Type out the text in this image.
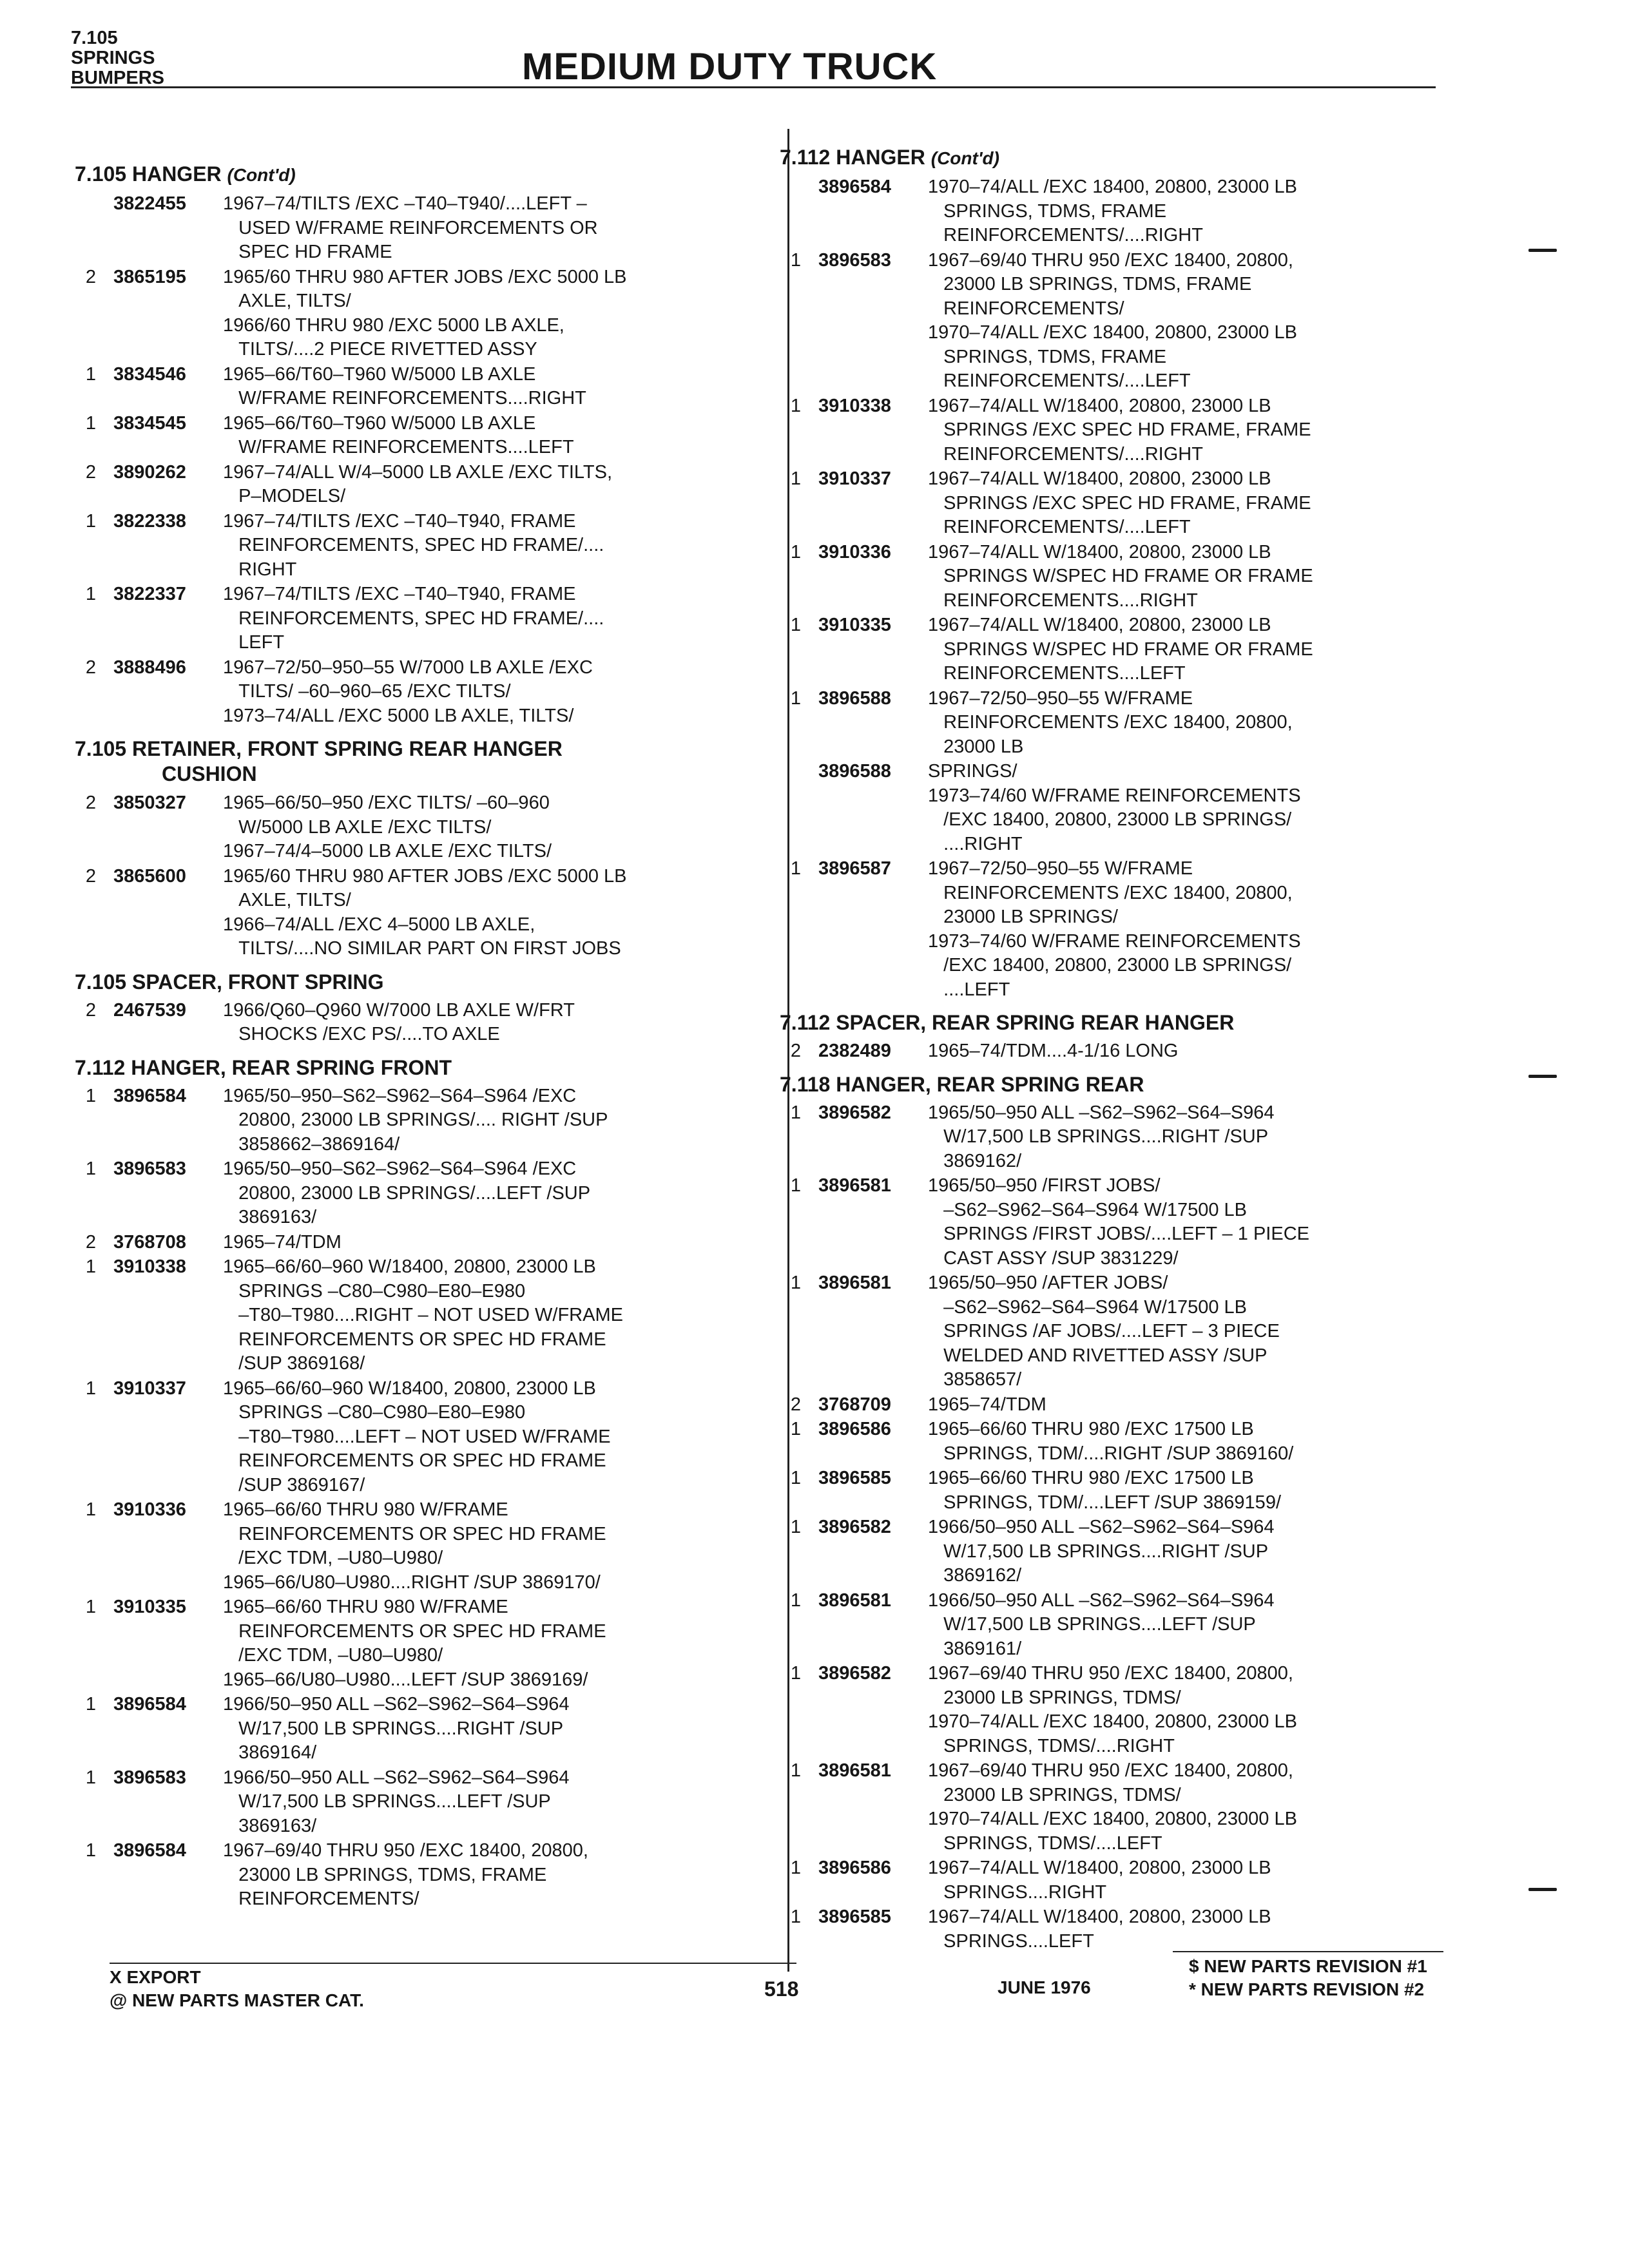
7.105
SPRINGS
BUMPERS	MEDIUM DUTY TRUCK
7.105 HANGER (Cont'd)
3822455	1967–74/TILTS /EXC –T40–T940/....LEFT –
USED W/FRAME REINFORCEMENTS OR
SPEC HD FRAME
2 3865195	1965/60 THRU 980 AFTER JOBS /EXC 5000 LB
AXLE, TILTS/
1966/60 THRU 980 /EXC 5000 LB AXLE,
TILTS/....2 PIECE RIVETTED ASSY
1 3834546	1965–66/T60–T960 W/5000 LB AXLE
W/FRAME REINFORCEMENTS....RIGHT
1 3834545	1965–66/T60–T960 W/5000 LB AXLE
W/FRAME REINFORCEMENTS....LEFT
2 3890262	1967–74/ALL W/4–5000 LB AXLE /EXC TILTS,
P–MODELS/
1 3822338	1967–74/TILTS /EXC –T40–T940, FRAME
REINFORCEMENTS, SPEC HD FRAME/....
RIGHT
1 3822337	1967–74/TILTS /EXC –T40–T940, FRAME
REINFORCEMENTS, SPEC HD FRAME/....
LEFT
2 3888496	1967–72/50–950–55 W/7000 LB AXLE /EXC
TILTS/ –60–960–65 /EXC TILTS/
1973–74/ALL /EXC 5000 LB AXLE, TILTS/
7.105 RETAINER, FRONT SPRING REAR HANGER
CUSHION
2 3850327	1965–66/50–950 /EXC TILTS/ –60–960
W/5000 LB AXLE /EXC TILTS/
1967–74/4–5000 LB AXLE /EXC TILTS/
2 3865600	1965/60 THRU 980 AFTER JOBS /EXC 5000 LB
AXLE, TILTS/
1966–74/ALL /EXC 4–5000 LB AXLE,
TILTS/....NO SIMILAR PART ON FIRST JOBS
7.105 SPACER, FRONT SPRING
2 2467539	1966/Q60–Q960 W/7000 LB AXLE W/FRT
SHOCKS /EXC PS/....TO AXLE
7.112 HANGER, REAR SPRING FRONT
1 3896584	1965/50–950–S62–S962–S64–S964 /EXC
20800, 23000 LB SPRINGS/.... RIGHT /SUP
3858662–3869164/
1 3896583	1965/50–950–S62–S962–S64–S964 /EXC
20800, 23000 LB SPRINGS/....LEFT /SUP
3869163/
2 3768708	1965–74/TDM
1 3910338	1965–66/60–960 W/18400, 20800, 23000 LB
SPRINGS –C80–C980–E80–E980
–T80–T980....RIGHT – NOT USED W/FRAME
REINFORCEMENTS OR SPEC HD FRAME
/SUP 3869168/
1 3910337	1965–66/60–960 W/18400, 20800, 23000 LB
SPRINGS –C80–C980–E80–E980
–T80–T980....LEFT – NOT USED W/FRAME
REINFORCEMENTS OR SPEC HD FRAME
/SUP 3869167/
1 3910336	1965–66/60 THRU 980 W/FRAME
REINFORCEMENTS OR SPEC HD FRAME
/EXC TDM, –U80–U980/
1965–66/U80–U980....RIGHT /SUP 3869170/
1 3910335	1965–66/60 THRU 980 W/FRAME
REINFORCEMENTS OR SPEC HD FRAME
/EXC TDM, –U80–U980/
1965–66/U80–U980....LEFT /SUP 3869169/
1 3896584	1966/50–950 ALL –S62–S962–S64–S964
W/17,500 LB SPRINGS....RIGHT /SUP
3869164/
1 3896583	1966/50–950 ALL –S62–S962–S64–S964
W/17,500 LB SPRINGS....LEFT /SUP
3869163/
1 3896584	1967–69/40 THRU 950 /EXC 18400, 20800,
23000 LB SPRINGS, TDMS, FRAME
REINFORCEMENTS/
7.112 HANGER (Cont'd)
3896584	1970–74/ALL /EXC 18400, 20800, 23000 LB
SPRINGS, TDMS, FRAME
REINFORCEMENTS/....RIGHT
1 3896583	1967–69/40 THRU 950 /EXC 18400, 20800,
23000 LB SPRINGS, TDMS, FRAME
REINFORCEMENTS/
1970–74/ALL /EXC 18400, 20800, 23000 LB
SPRINGS, TDMS, FRAME
REINFORCEMENTS/....LEFT
1 3910338	1967–74/ALL W/18400, 20800, 23000 LB
SPRINGS /EXC SPEC HD FRAME, FRAME
REINFORCEMENTS/....RIGHT
1 3910337	1967–74/ALL W/18400, 20800, 23000 LB
SPRINGS /EXC SPEC HD FRAME, FRAME
REINFORCEMENTS/....LEFT
1 3910336	1967–74/ALL W/18400, 20800, 23000 LB
SPRINGS W/SPEC HD FRAME OR FRAME
REINFORCEMENTS....RIGHT
1 3910335	1967–74/ALL W/18400, 20800, 23000 LB
SPRINGS W/SPEC HD FRAME OR FRAME
REINFORCEMENTS....LEFT
1 3896588	1967–72/50–950–55 W/FRAME
REINFORCEMENTS /EXC 18400, 20800,
23000 LB
3896588	SPRINGS/
1973–74/60 W/FRAME REINFORCEMENTS
/EXC 18400, 20800, 23000 LB SPRINGS/
....RIGHT
1 3896587	1967–72/50–950–55 W/FRAME
REINFORCEMENTS /EXC 18400, 20800,
23000 LB SPRINGS/
1973–74/60 W/FRAME REINFORCEMENTS
/EXC 18400, 20800, 23000 LB SPRINGS/
....LEFT
7.112 SPACER, REAR SPRING REAR HANGER
2 2382489	1965–74/TDM....4-1/16 LONG
7.118 HANGER, REAR SPRING REAR
1 3896582	1965/50–950 ALL –S62–S962–S64–S964
W/17,500 LB SPRINGS....RIGHT /SUP
3869162/
1 3896581	1965/50–950 /FIRST JOBS/
–S62–S962–S64–S964 W/17500 LB
SPRINGS /FIRST JOBS/....LEFT – 1 PIECE
CAST ASSY /SUP 3831229/
1 3896581	1965/50–950 /AFTER JOBS/
–S62–S962–S64–S964 W/17500 LB
SPRINGS /AF JOBS/....LEFT – 3 PIECE
WELDED AND RIVETTED ASSY /SUP
3858657/
2 3768709	1965–74/TDM
1 3896586	1965–66/60 THRU 980 /EXC 17500 LB
SPRINGS, TDM/....RIGHT /SUP 3869160/
1 3896585	1965–66/60 THRU 980 /EXC 17500 LB
SPRINGS, TDM/....LEFT /SUP 3869159/
1 3896582	1966/50–950 ALL –S62–S962–S64–S964
W/17,500 LB SPRINGS....RIGHT /SUP
3869162/
1 3896581	1966/50–950 ALL –S62–S962–S64–S964
W/17,500 LB SPRINGS....LEFT /SUP
3869161/
1 3896582	1967–69/40 THRU 950 /EXC 18400, 20800,
23000 LB SPRINGS, TDMS/
1970–74/ALL /EXC 18400, 20800, 23000 LB
SPRINGS, TDMS/....RIGHT
1 3896581	1967–69/40 THRU 950 /EXC 18400, 20800,
23000 LB SPRINGS, TDMS/
1970–74/ALL /EXC 18400, 20800, 23000 LB
SPRINGS, TDMS/....LEFT
1 3896586	1967–74/ALL W/18400, 20800, 23000 LB
SPRINGS....RIGHT
1 3896585	1967–74/ALL W/18400, 20800, 23000 LB
SPRINGS....LEFT
X EXPORT
@ NEW PARTS MASTER CAT.	518	JUNE 1976
$ NEW PARTS REVISION #1
* NEW PARTS REVISION #2
